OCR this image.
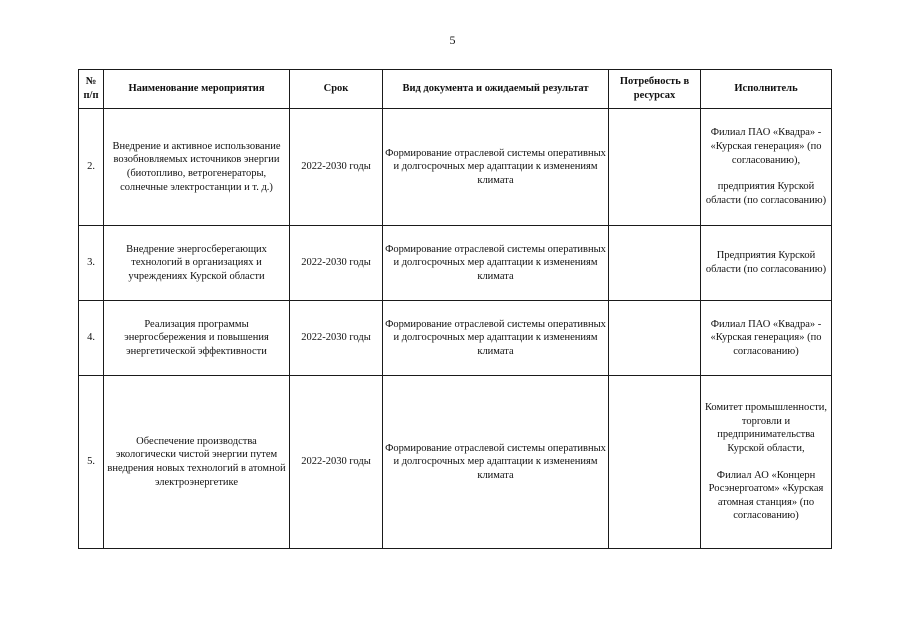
5
№ п/п	Наименование мероприятия	Срок	Вид документа и ожидаемый результат	Потребность в ресурсах	Исполнитель
2.	Внедрение и активное использование возобновляемых источников энергии (биотопливо, ветрогенераторы, солнечные электростанции и т. д.)	2022-2030 годы	Формирование отраслевой системы оперативных и долгосрочных мер адаптации к изменениям климата		Филиал ПАО «Квадра» - «Курская генерация» (по согласованию),
предприятия Курской области (по согласованию)

3.	Внедрение энергосберегающих технологий в организациях и учреждениях Курской области	2022-2030 годы	Формирование отраслевой системы оперативных и долгосрочных мер адаптации к изменениям климата		Предприятия Курской области (по согласованию)

4.	Реализация программы энергосбережения и повышения энергетической эффективности	2022-2030 годы	Формирование отраслевой системы оперативных и долгосрочных мер адаптации к изменениям климата		Филиал ПАО «Квадра» - «Курская генерация» (по согласованию)

5.	Обеспечение производства экологически чистой энергии путем внедрения новых технологий в атомной электроэнергетике	2022-2030 годы	Формирование отраслевой системы оперативных и долгосрочных мер адаптации к изменениям климата		Комитет промышленности, торговли и предпринимательства Курской области,
Филиал АО «Концерн Росэнергоатом» «Курская атомная станция» (по согласованию)
